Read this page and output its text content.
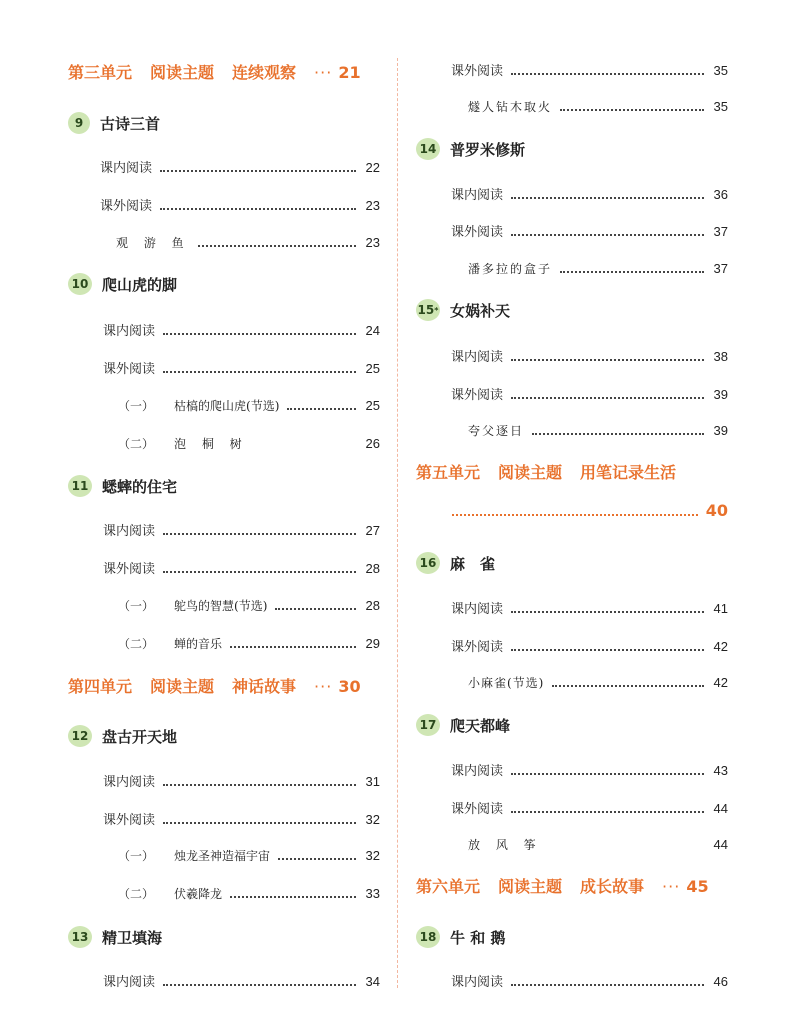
第三单元 阅读主题 连续观察 ··· 21
9	古诗三首
课内阅读	22
课外阅读	23
观 游 鱼	23
10 爬山虎的脚
课内阅读	24
课外阅读	25
（一） 枯槁的爬山虎(节选)	25
（二） 泡 桐 树	26
11 蟋蟀的住宅
课内阅读	27
课外阅读	28
（一） 鸵鸟的智慧(节选)	28
（二） 蝉的音乐	29
第四单元 阅读主题 神话故事 ··· 30
12 盘古开天地
课内阅读	31
课外阅读	32
（一） 烛龙圣神造福宇宙	32
（二） 伏羲降龙	33
13 精卫填海
课内阅读	34
课外阅读	35
燧人钻木取火	35
14 普罗米修斯
课内阅读	36
课外阅读	37
潘多拉的盒子	37
15 * 女娲补天
课内阅读	38
课外阅读	39
夸父逐日	39
第五单元 阅读主题 用笔记录生活
40
16 麻　雀
课内阅读	41
课外阅读	42
小麻雀(节选)	42
17 爬天都峰
课内阅读	43
课外阅读	44
放 风 筝	44
第六单元 阅读主题 成长故事 ··· 45
18 牛 和 鹅
课内阅读	46
